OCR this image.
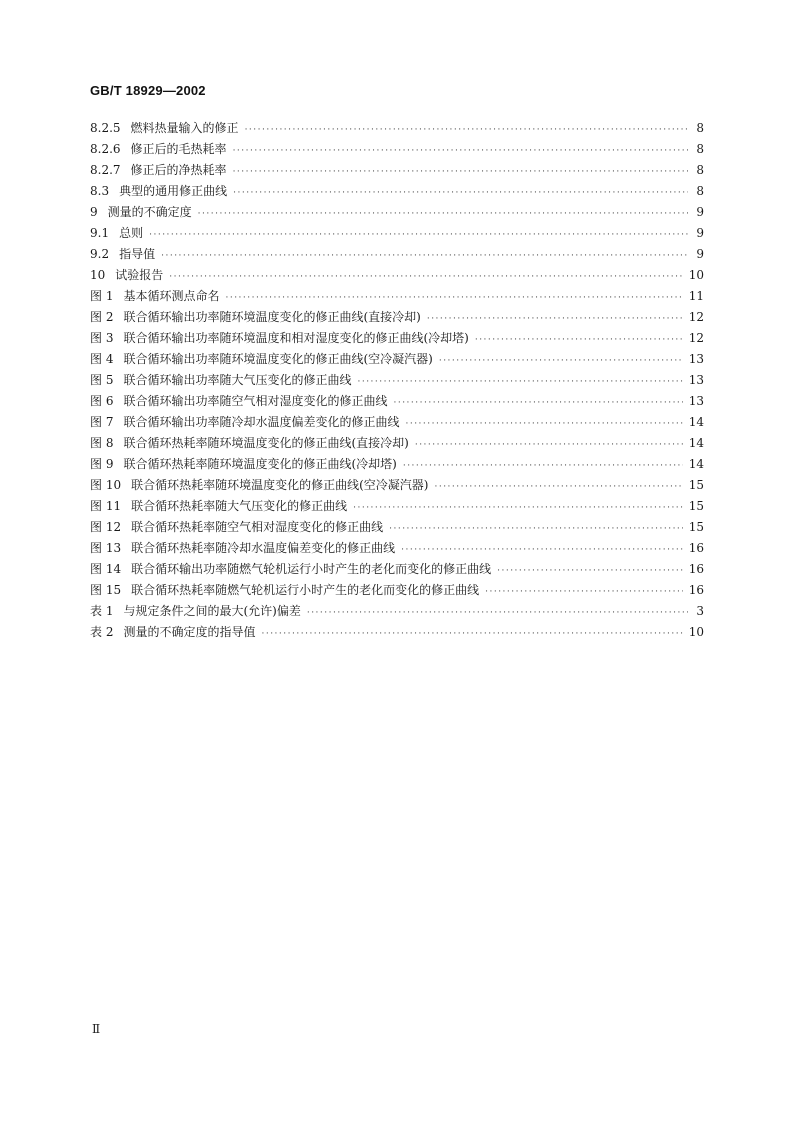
GB/T 18929—2002
8.2.5 燃料热量输入的修正 ·····	8
8.2.6 修正后的毛热耗率 ·····	8
8.2.7 修正后的净热耗率 ·····	8
8.3 典型的通用修正曲线 ·····	8
9 测量的不确定度 ·····	9
9.1 总则 ·····	9
9.2 指导值 ·····	9
10 试验报告 ·····	10
图 1 基本循环测点命名 ·····	11
图 2 联合循环输出功率随环境温度变化的修正曲线(直接冷却) ·····	12
图 3 联合循环输出功率随环境温度和相对湿度变化的修正曲线(冷却塔) ·····	12
图 4 联合循环输出功率随环境温度变化的修正曲线(空冷凝汽器) ·····	13
图 5 联合循环输出功率随大气压变化的修正曲线 ·····	13
图 6 联合循环输出功率随空气相对湿度变化的修正曲线 ·····	13
图 7 联合循环输出功率随冷却水温度偏差变化的修正曲线 ·····	14
图 8 联合循环热耗率随环境温度变化的修正曲线(直接冷却) ·····	14
图 9 联合循环热耗率随环境温度变化的修正曲线(冷却塔) ·····	14
图 10 联合循环热耗率随环境温度变化的修正曲线(空冷凝汽器) ·····	15
图 11 联合循环热耗率随大气压变化的修正曲线 ·····	15
图 12 联合循环热耗率随空气相对湿度变化的修正曲线 ·····	15
图 13 联合循环热耗率随冷却水温度偏差变化的修正曲线 ·····	16
图 14 联合循环输出功率随燃气轮机运行小时产生的老化而变化的修正曲线 ·····	16
图 15 联合循环热耗率随燃气轮机运行小时产生的老化而变化的修正曲线 ·····	16
表 1 与规定条件之间的最大(允许)偏差 ·····	3
表 2 测量的不确定度的指导值 ·····	10
Ⅱ
